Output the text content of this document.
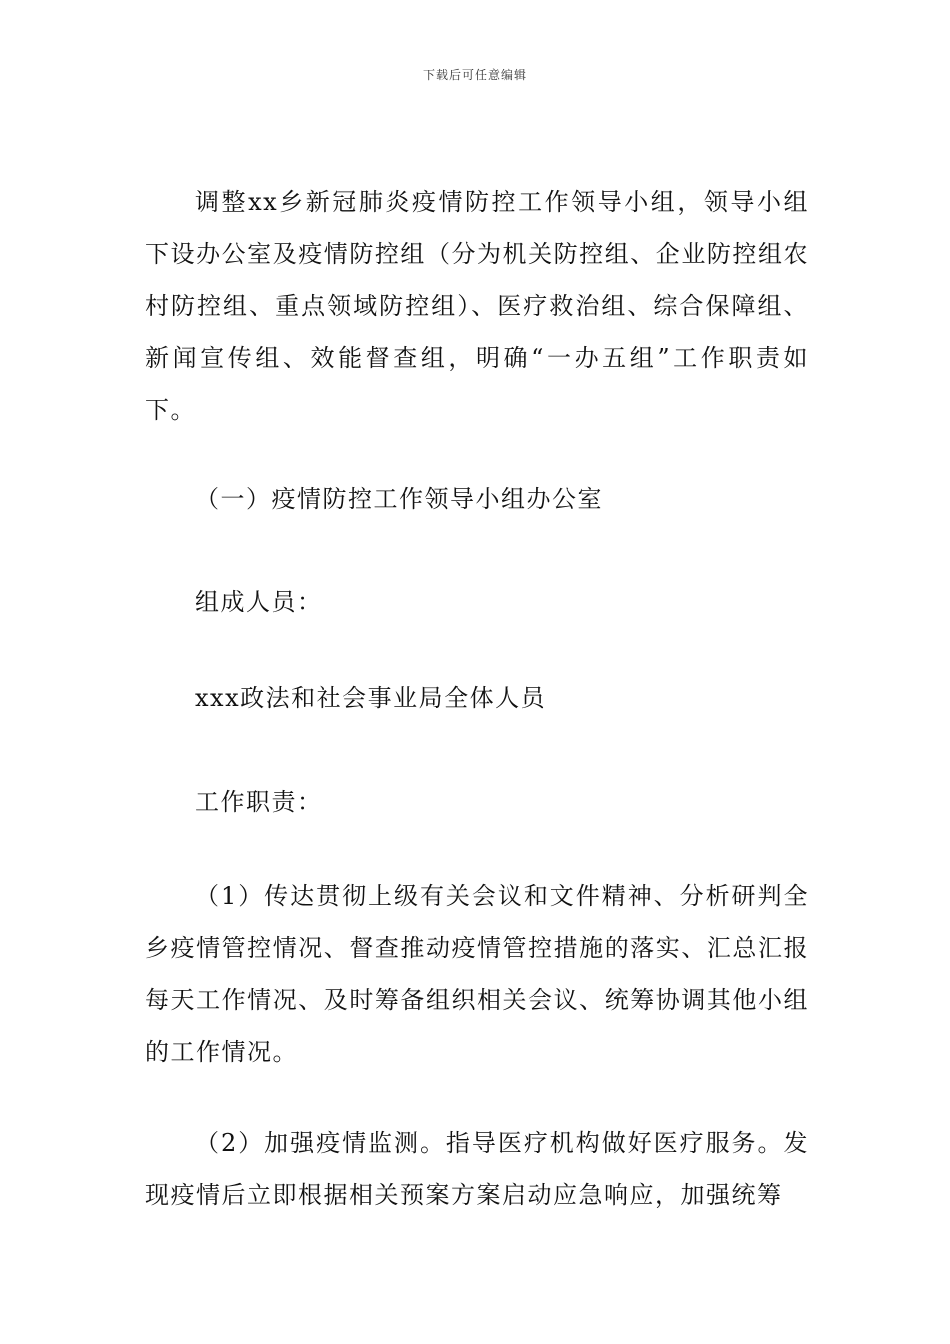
下载后可任意编辑

调整xx乡新冠肺炎疫情防控工作领导小组，领导小组下设办公室及疫情防控组（分为机关防控组、企业防控组农村防控组、重点领域防控组）、医疗救治组、综合保障组、新闻宣传组、效能督查组，明确“一办五组”工作职责如下。

（一）疫情防控工作领导小组办公室

组成人员：

xxx政法和社会事业局全体人员

工作职责：

（1）传达贯彻上级有关会议和文件精神、分析研判全乡疫情管控情况、督查推动疫情管控措施的落实、汇总汇报每天工作情况、及时筹备组织相关会议、统筹协调其他小组的工作情况。

（2）加强疫情监测。指导医疗机构做好医疗服务。发现疫情后立即根据相关预案方案启动应急响应，加强统筹
